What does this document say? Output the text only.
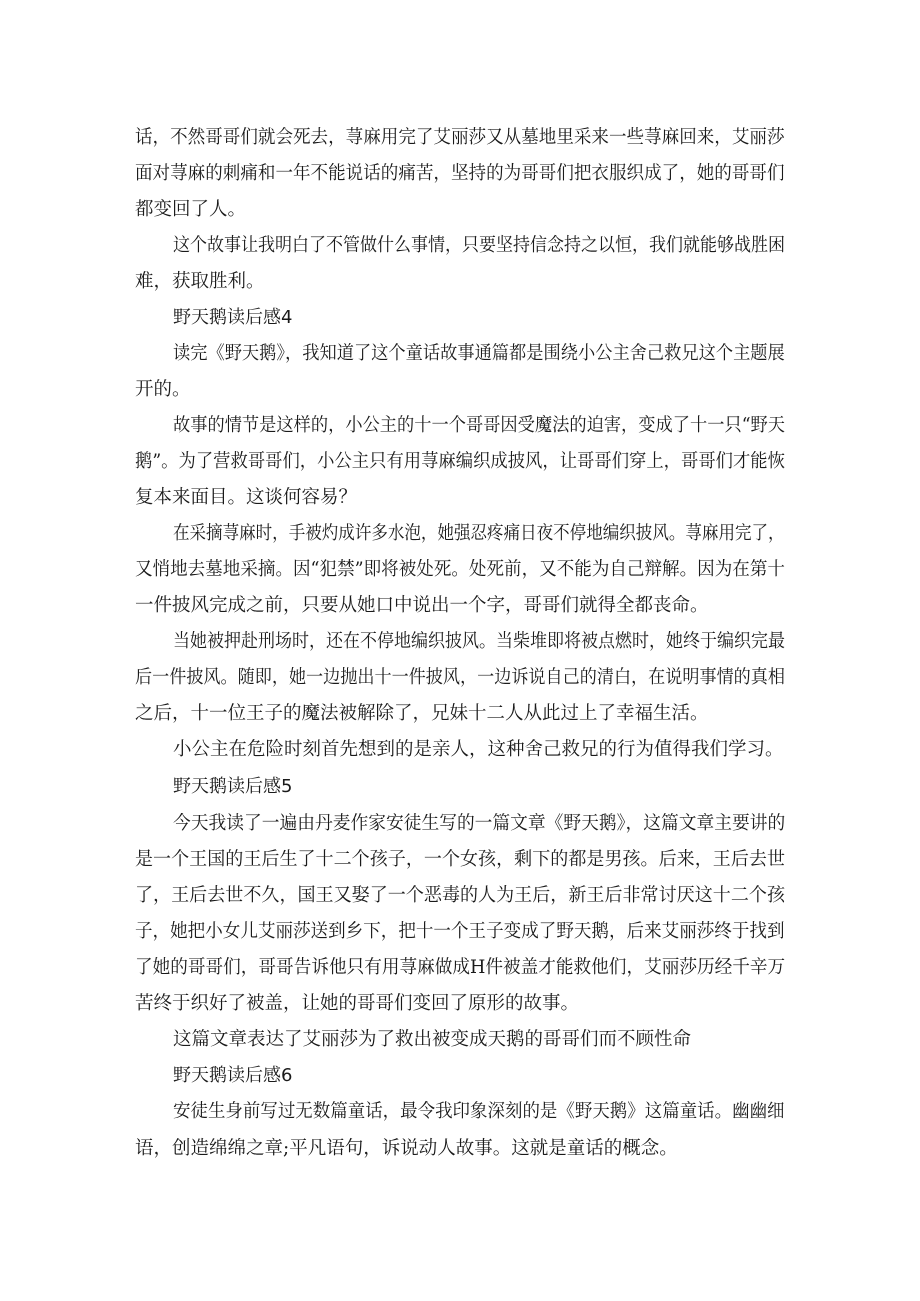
话，不然哥哥们就会死去，荨麻用完了艾丽莎又从墓地里采来一些荨麻回来，艾丽莎
面对荨麻的刺痛和一年不能说话的痛苦，坚持的为哥哥们把衣服织成了，她的哥哥们
都变回了人。
这个故事让我明白了不管做什么事情，只要坚持信念持之以恒，我们就能够战胜困
难，获取胜利。
野天鹅读后感4
读完《野天鹅》，我知道了这个童话故事通篇都是围绕小公主舍己救兄这个主题展
开的。
故事的情节是这样的，小公主的十一个哥哥因受魔法的迫害，变成了十一只“野天
鹅”。为了营救哥哥们，小公主只有用荨麻编织成披风，让哥哥们穿上，哥哥们才能恢
复本来面目。这谈何容易？
在采摘荨麻时，手被灼成许多水泡，她强忍疼痛日夜不停地编织披风。荨麻用完了，
又悄地去墓地采摘。因“犯禁”即将被处死。处死前，又不能为自己辩解。因为在第十
一件披风完成之前，只要从她口中说出一个字，哥哥们就得全都丧命。
当她被押赴刑场时，还在不停地编织披风。当柴堆即将被点燃时，她终于编织完最
后一件披风。随即，她一边抛出十一件披风，一边诉说自己的清白，在说明事情的真相
之后，十一位王子的魔法被解除了，兄妹十二人从此过上了幸福生活。
小公主在危险时刻首先想到的是亲人，这种舍己救兄的行为值得我们学习。
野天鹅读后感5
今天我读了一遍由丹麦作家安徒生写的一篇文章《野天鹅》，这篇文章主要讲的
是一个王国的王后生了十二个孩子，一个女孩，剩下的都是男孩。后来，王后去世
了，王后去世不久，国王又娶了一个恶毒的人为王后，新王后非常讨厌这十二个孩
子，她把小女儿艾丽莎送到乡下，把十一个王子变成了野天鹅，后来艾丽莎终于找到
了她的哥哥们，哥哥告诉他只有用荨麻做成H件被盖才能救他们，艾丽莎历经千辛万
苦终于织好了被盖，让她的哥哥们变回了原形的故事。
这篇文章表达了艾丽莎为了救出被变成天鹅的哥哥们而不顾性命
野天鹅读后感6
安徒生身前写过无数篇童话，最令我印象深刻的是《野天鹅》这篇童话。幽幽细
语，创造绵绵之章;平凡语句，诉说动人故事。这就是童话的概念。
